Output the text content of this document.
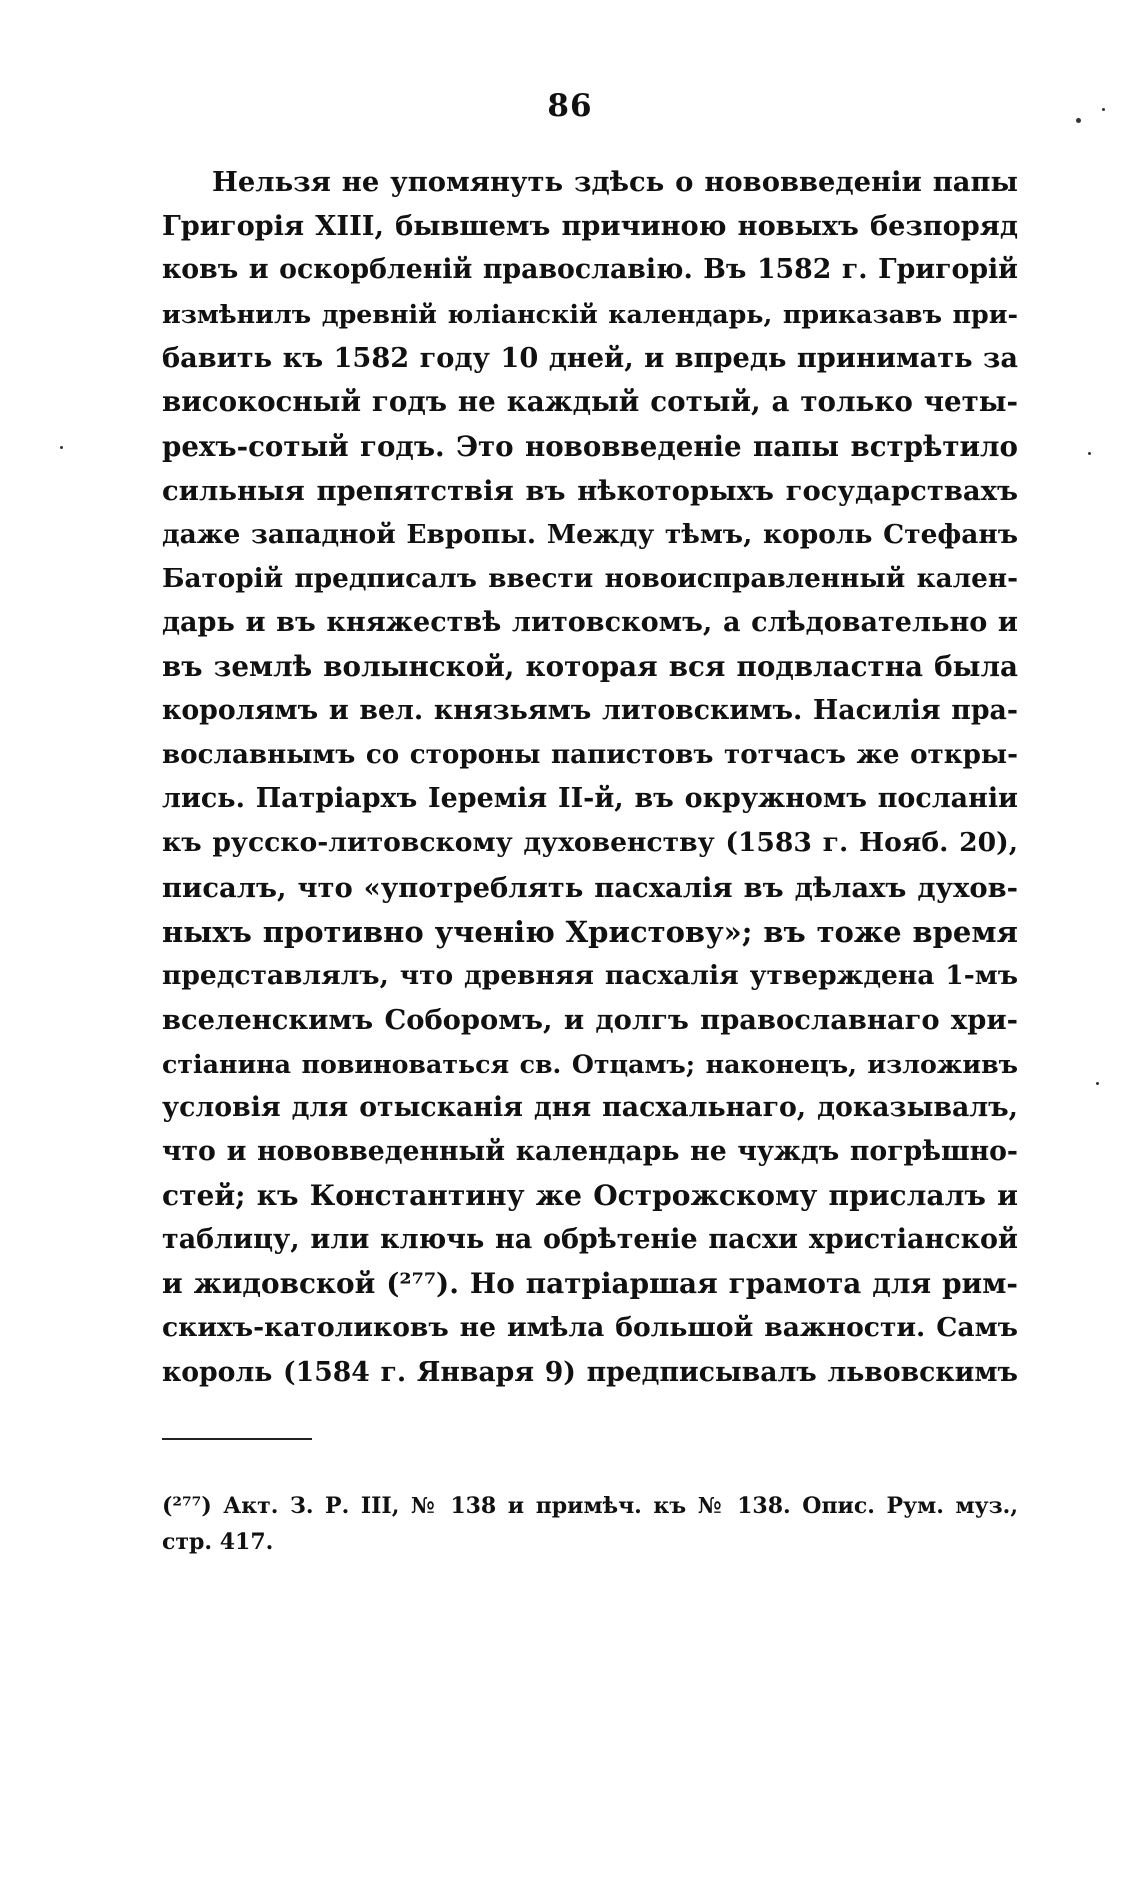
86
Нельзя не упомянуть здѣсь о нововведеніи папы
Григорія XIII, бывшемъ причиною новыхъ безпоряд
ковъ и оскорбленій православію. Въ 1582 г. Григорій
измѣнилъ древній юліанскій календарь, приказавъ при-
бавить къ 1582 году 10 дней, и впредь принимать за
високосный годъ не каждый сотый, а только четы-
рехъ-сотый годъ. Это нововведеніе папы встрѣтило
сильныя препятствія въ нѣкоторыхъ государствахъ
даже западной Европы. Между тѣмъ, король Стефанъ
Баторій предписалъ ввести новоисправленный кален-
дарь и въ княжествѣ литовскомъ, а слѣдовательно и
въ землѣ волынской, которая вся подвластна была
королямъ и вел. князьямъ литовскимъ. Насилія пра-
вославнымъ со стороны папистовъ тотчасъ же откры-
лись. Патріархъ Іеремія II-й, въ окружномъ посланіи
къ русско-литовскому духовенству (1583 г. Нояб. 20),
писалъ, что «употреблять пасхалія въ дѣлахъ духов-
ныхъ противно ученію Христову»; въ тоже время
представлялъ, что древняя пасхалія утверждена 1-мъ
вселенскимъ Соборомъ, и долгъ православнаго хри-
стіанина повиноваться св. Отцамъ; наконецъ, изложивъ
условія для отысканія дня пасхальнаго, доказывалъ,
что и нововведенный календарь не чуждъ погрѣшно-
стей; къ Константину же Острожскому прислалъ и
таблицу, или ключь на обрѣтеніе пасхи христіанской
и жидовской (²⁷⁷). Но патріаршая грамота для рим-
скихъ-католиковъ не имѣла большой важности. Самъ
король (1584 г. Января 9) предписывалъ львовскимъ
(²⁷⁷) Акт. З. Р. III, № 138 и примѣч. къ № 138. Опис. Рум. муз.,
стр. 417.
